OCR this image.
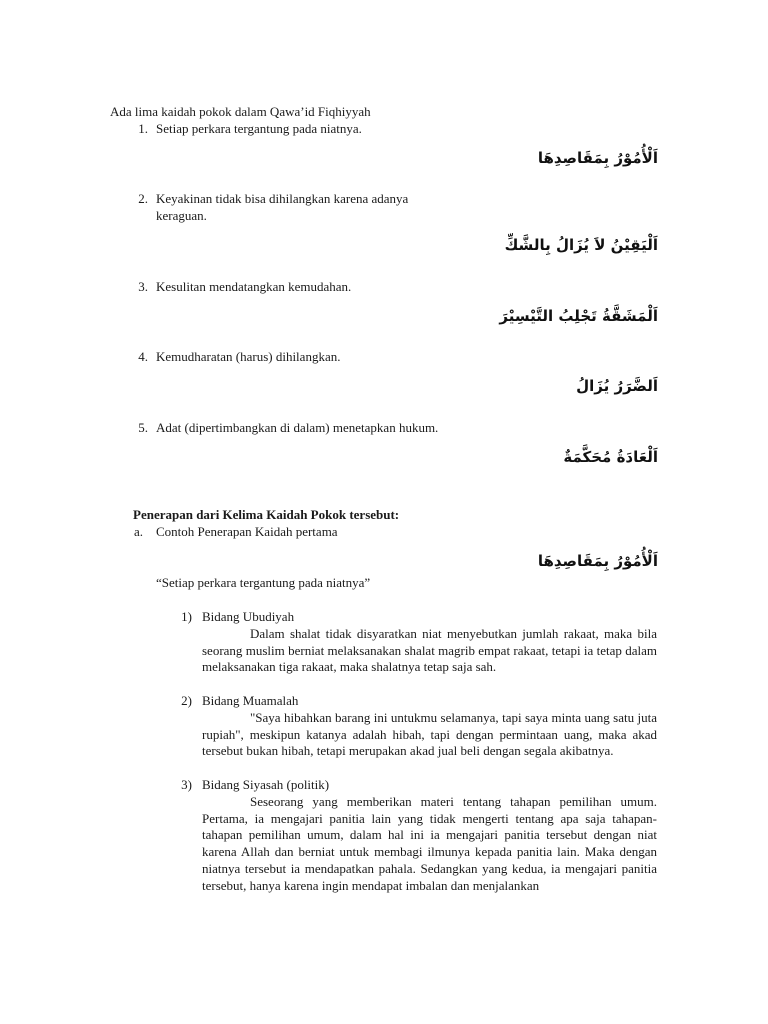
Ada lima kaidah pokok dalam Qawa’id Fiqhiyyah
1. Setiap perkara tergantung pada niatnya.
اَلْأُمُوْرُ بِمَقَاصِدِهَا
2. Keyakinan tidak bisa dihilangkan karena adanya keraguan.
اَلْيَقِيْنُ لاَ يُزَالُ بِالشَّكِّ
3. Kesulitan mendatangkan kemudahan.
اَلْمَشَقَّةُ تَجْلِبُ التَّيْسِيْرَ
4. Kemudharatan (harus) dihilangkan.
اَلضَّرَرُ يُزَالُ
5. Adat (dipertimbangkan di dalam) menetapkan hukum.
اَلْعَادَةُ مُحَكَّمَةٌ
Penerapan dari Kelima Kaidah Pokok tersebut:
a. Contoh Penerapan Kaidah pertama
اَلْأُمُوْرُ بِمَقَاصِدِهَا
“Setiap perkara tergantung pada niatnya”
1) Bidang Ubudiyah
Dalam shalat tidak disyaratkan niat menyebutkan jumlah rakaat, maka bila seorang muslim berniat melaksanakan shalat magrib empat rakaat, tetapi ia tetap dalam melaksanakan tiga rakaat, maka shalatnya tetap saja sah.
2) Bidang Muamalah
"Saya hibahkan barang ini untukmu selamanya, tapi saya minta uang satu juta rupiah", meskipun katanya adalah hibah, tapi dengan permintaan uang, maka akad tersebut bukan hibah, tetapi merupakan akad jual beli dengan segala akibatnya.
3) Bidang Siyasah (politik)
Seseorang yang memberikan materi tentang tahapan pemilihan umum. Pertama, ia mengajari panitia lain yang tidak mengerti tentang apa saja tahapan- tahapan pemilihan umum, dalam hal ini ia mengajari panitia tersebut dengan niat karena Allah dan berniat untuk membagi ilmunya kepada panitia lain. Maka dengan niatnya tersebut ia mendapatkan pahala. Sedangkan yang kedua, ia mengajari panitia tersebut, hanya karena ingin mendapat imbalan dan menjalankan
